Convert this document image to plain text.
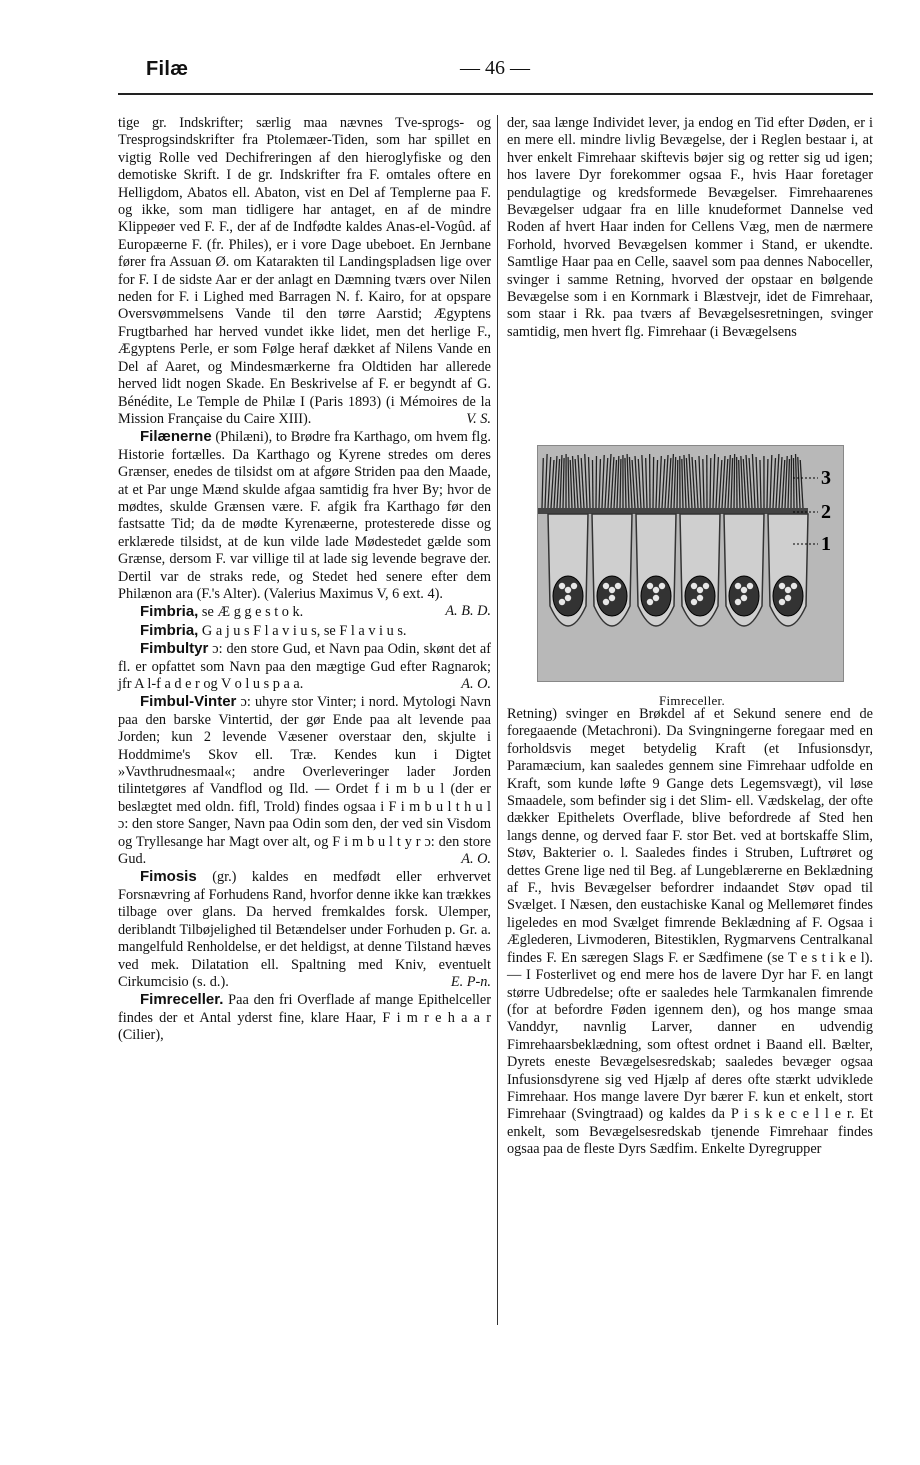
Filæ	— 46 —

tige gr. Indskrifter; særlig maa nævnes Tve-sprogs- og Tresprogsindskrifter fra Ptolemæer-Tiden, som har spillet en vigtig Rolle ved Dechifreringen af den hieroglyfiske og den demotiske Skrift. I de gr. Indskrifter fra F. omtales oftere en Helligdom, Abatos ell. Abaton, vist en Del af Templerne paa F. og ikke, som man tidligere har antaget, en af de mindre Klippeøer ved F. F., der af de Indfødte kaldes Anas-el-Vogûd. af Europæerne F. (fr. Philes), er i vore Dage ubeboet. En Jernbane fører fra Assuan Ø. om Katarakten til Landingspladsen lige over for F. I de sidste Aar er der anlagt en Dæmning tværs over Nilen neden for F. i Lighed med Barragen N. f. Kairo, for at opspare Oversvømmelsens Vande til den tørre Aarstid; Ægyptens Frugtbarhed har herved vundet ikke lidet, men det herlige F., Ægyptens Perle, er som Følge heraf dækket af Nilens Vande en Del af Aaret, og Mindesmærkerne fra Oldtiden har allerede herved lidt nogen Skade. En Beskrivelse af F. er begyndt af G. Bénédite, Le Temple de Philæ I (Paris 1893) (i Mémoires de la Mission Française du Caire XIII).	V. S.

Filænerne (Philæni), to Brødre fra Karthago, om hvem flg. Historie fortælles. Da Karthago og Kyrene stredes om deres Grænser, enedes de tilsidst om at afgøre Striden paa den Maade, at et Par unge Mænd skulde afgaa samtidig fra hver By; hvor de mødtes, skulde Grænsen være. F. afgik fra Karthago før den fastsatte Tid; da de mødte Kyrenæerne, protesterede disse og erklærede tilsidst, at de kun vilde lade Mødestedet gælde som Grænse, dersom F. var villige til at lade sig levende begrave der. Dertil var de straks rede, og Stedet hed senere efter dem Philænon ara (F.'s Alter). (Valerius Maximus V, 6 ext. 4).
A. B. D.

Fimbria, se Æ g g e s t o k.

Fimbria, G a j u s F l a v i u s, se F l a v i u s.

Fimbultyr ɔ: den store Gud, et Navn paa Odin, skønt det af fl. er opfattet som Navn paa den mægtige Gud efter Ragnarok; jfr A l-f a d e r og V o l u s p a a.	A. O.

Fimbul-Vinter ɔ: uhyre stor Vinter; i nord. Mytologi Navn paa den barske Vintertid, der gør Ende paa alt levende paa Jorden; kun 2 levende Væsener overstaar den, skjulte i Hoddmime's Skov ell. Træ. Kendes kun i Digtet »Vavthrudnesmaal«; andre Overleveringer lader Jorden tilintetgøres af Vandflod og Ild. — Ordet f i m b u l (der er beslægtet med oldn. fifl, Trold) findes ogsaa i F i m b u l t h u l ɔ: den store Sanger, Navn paa Odin som den, der ved sin Visdom og Tryllesange har Magt over alt, og F i m b u l t y r ɔ: den store Gud.	A. O.

Fimosis (gr.) kaldes en medfødt eller erhvervet Forsnævring af Forhudens Rand, hvorfor denne ikke kan trækkes tilbage over glans. Da herved fremkaldes forsk. Ulemper, deriblandt Tilbøjelighed til Betændelser under Forhuden p. Gr. a. mangelfuld Renholdelse, er det heldigst, at denne Tilstand hæves ved mek. Dilatation ell. Spaltning med Kniv, eventuelt Cirkumcisio (s. d.).	E. P-n.

Fimreceller. Paa den fri Overflade af mange Epithelceller findes der et Antal yderst fine, klare Haar, F i m r e h a a r (Cilier),

der, saa længe Individet lever, ja endog en Tid efter Døden, er i en mere ell. mindre livlig Bevægelse, der i Reglen bestaar i, at hver enkelt Fimrehaar skiftevis bøjer sig og retter sig ud igen; hos lavere Dyr forekommer ogsaa F., hvis Haar foretager pendulagtige og kredsformede Bevægelser. Fimrehaarenes Bevægelser udgaar fra en lille knudeformet Dannelse ved Roden af hvert Haar inden for Cellens Væg, men de nærmere Forhold, hvorved Bevægelsen kommer i Stand, er ukendte. Samtlige Haar paa en Celle, saavel som paa dennes Naboceller, svinger i samme Retning, hvorved der opstaar en bølgende Bevægelse som i en Kornmark i Blæstvejr, idet de Fimrehaar, som staar i Rk. paa tværs af Bevægelsesretningen, svinger samtidig, men hvert flg. Fimrehaar (i Bevægelsens

3
2
1
Fimreceller.

Retning) svinger en Brøkdel af et Sekund senere end de foregaaende (Metachroni). Da Svingningerne foregaar med en forholdsvis meget betydelig Kraft (et Infusionsdyr, Paramæcium, kan saaledes gennem sine Fimrehaar udfolde en Kraft, som kunde løfte 9 Gange dets Legemsvægt), vil løse Smaadele, som befinder sig i det Slim- ell. Vædskelag, der ofte dækker Epithelets Overflade, blive befordrede af Sted hen langs denne, og derved faar F. stor Bet. ved at bortskaffe Slim, Støv, Bakterier o. l. Saaledes findes i Struben, Luftrøret og dettes Grene lige ned til Beg. af Lungeblærerne en Beklædning af F., hvis Bevægelser befordrer indaandet Støv opad til Svælget. I Næsen, den eustachiske Kanal og Mellemøret findes ligeledes en mod Svælget fimrende Beklædning af F. Ogsaa i Æglederen, Livmoderen, Bitestiklen, Rygmarvens Centralkanal findes F. En særegen Slags F. er Sædfimene (se T e s t i k e l). — I Fosterlivet og end mere hos de lavere Dyr har F. en langt større Udbredelse; ofte er saaledes hele Tarmkanalen fimrende (for at befordre Føden igennem den), og hos mange smaa Vanddyr, navnlig Larver, danner en udvendig Fimrehaarsbeklædning, som oftest ordnet i Baand ell. Bælter, Dyrets eneste Bevægelsesredskab; saaledes bevæger ogsaa Infusionsdyrene sig ved Hjælp af deres ofte stærkt udviklede Fimrehaar. Hos mange lavere Dyr bærer F. kun et enkelt, stort Fimrehaar (Svingtraad) og kaldes da P i s k e c e l l e r. Et enkelt, som Bevægelsesredskab tjenende Fimrehaar findes ogsaa paa de fleste Dyrs Sædfim. Enkelte Dyregrupper
